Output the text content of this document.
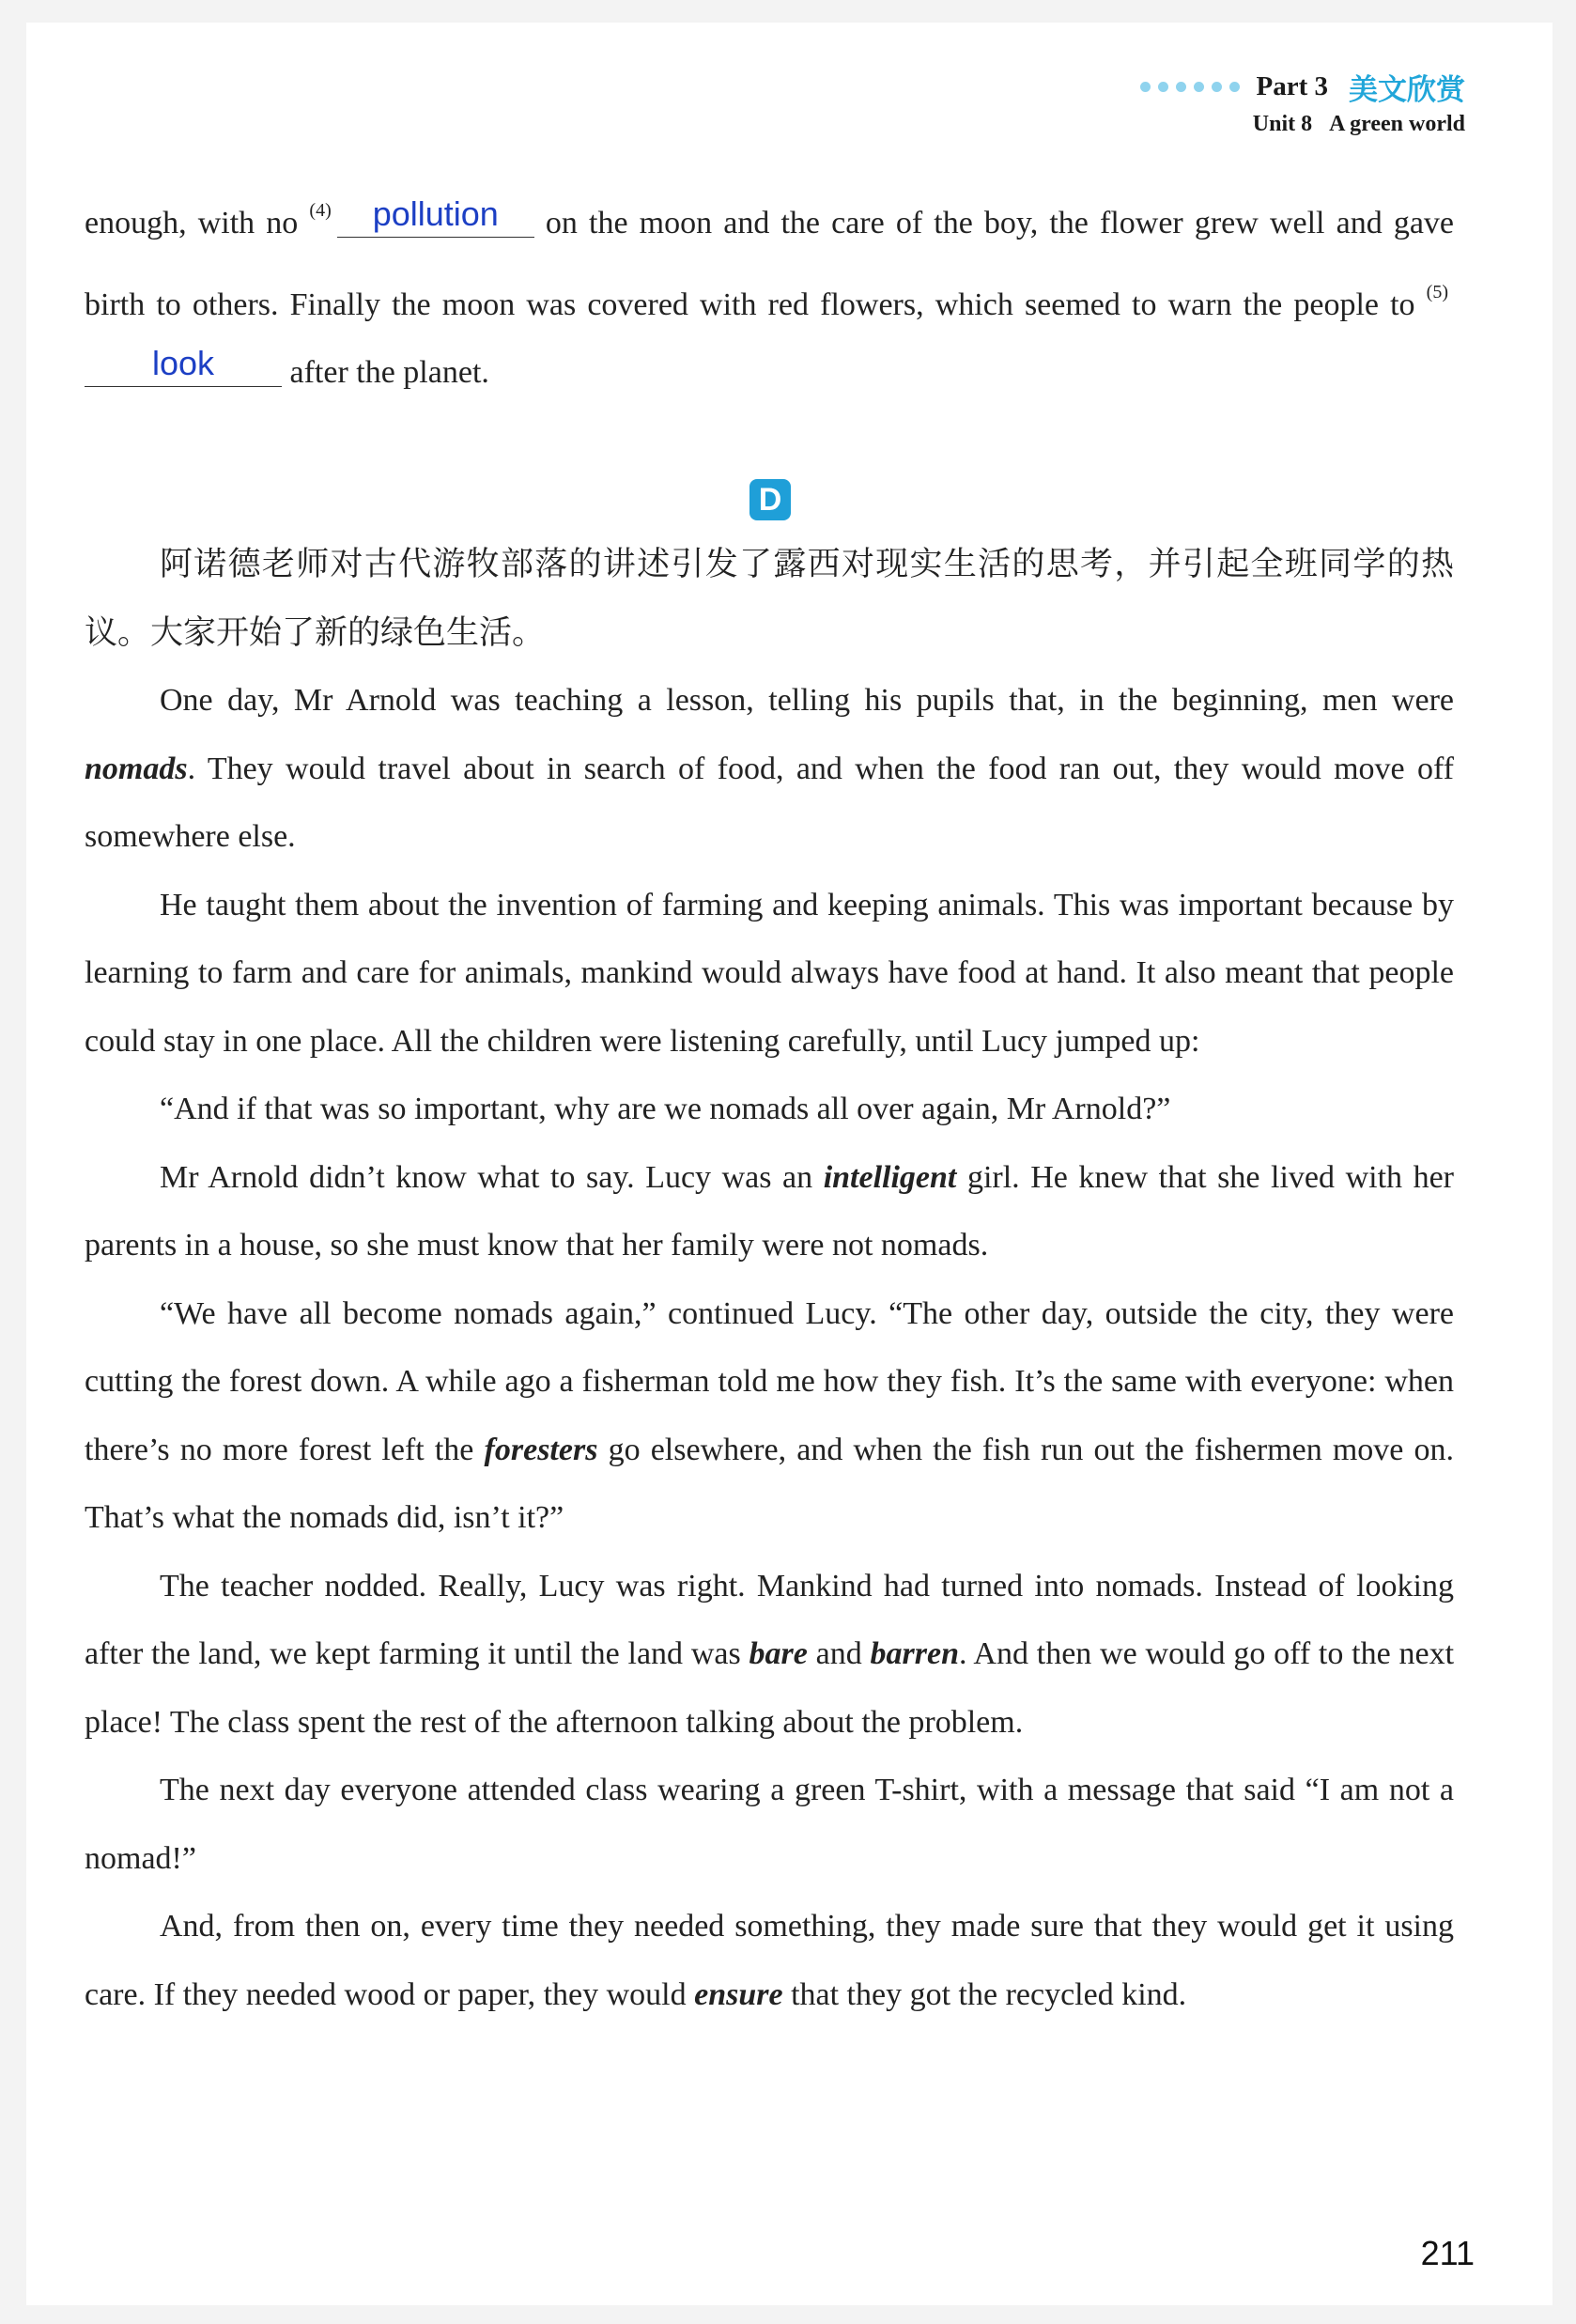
Part 3 美文欣赏
Unit 8 A green world

enough, with no $^{(4)}$ pollution on the moon and the care of the boy, the flower grew well and gave birth to others. Finally the moon was covered with red flowers, which seemed to warn the people to $^{(5)}$look after the planet.

D

阿诺德老师对古代游牧部落的讲述引发了露西对现实生活的思考，并引起全班同学的热议。大家开始了新的绿色生活。

One day, Mr Arnold was teaching a lesson, telling his pupils that, in the beginning, men were nomads. They would travel about in search of food, and when the food ran out, they would move off somewhere else.

He taught them about the invention of farming and keeping animals. This was important because by learning to farm and care for animals, mankind would always have food at hand. It also meant that people could stay in one place. All the children were listening carefully, until Lucy jumped up:

“And if that was so important, why are we nomads all over again, Mr Arnold?”

Mr Arnold didn’t know what to say. Lucy was an intelligent girl. He knew that she lived with her parents in a house, so she must know that her family were not nomads.

“We have all become nomads again,” continued Lucy. “The other day, outside the city, they were cutting the forest down. A while ago a fisherman told me how they fish. It’s the same with everyone: when there’s no more forest left the foresters go elsewhere, and when the fish run out the fishermen move on. That’s what the nomads did, isn’t it?”

The teacher nodded. Really, Lucy was right. Mankind had turned into nomads. Instead of looking after the land, we kept farming it until the land was bare and barren. And then we would go off to the next place! The class spent the rest of the afternoon talking about the problem.

The next day everyone attended class wearing a green T-shirt, with a message that said “I am not a nomad!”

And, from then on, every time they needed something, they made sure that they would get it using care. If they needed wood or paper, they would ensure that they got the recycled kind.

211
